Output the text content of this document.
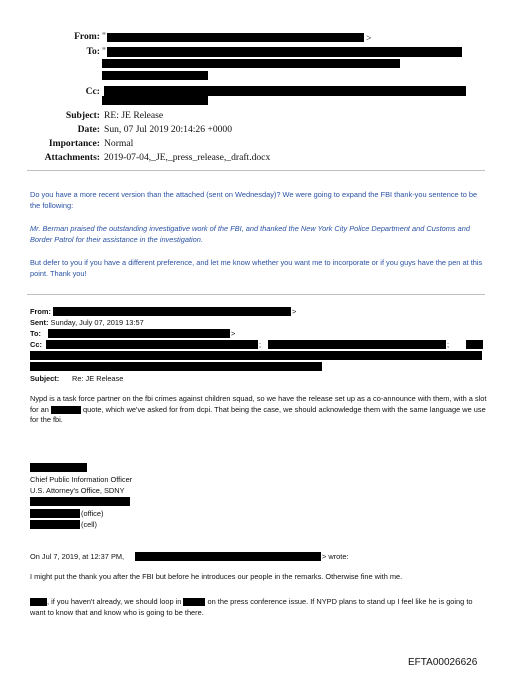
From: "	>
To: "
Cc:
Subject: RE: JE Release
Date: Sun, 07 Jul 2019 20:14:26 +0000
Importance: Normal
Attachments: 2019-07-04,_JE,_press_release,_draft.docx
Do you have a more recent version than the attached (sent on Wednesday)? We were going to expand the FBI thank-you sentence to be the following:
Mr. Berman praised the outstanding investigative work of the FBI, and thanked the New York City Police Department and Customs and Border Patrol for their assistance in the investigation.
But defer to you if you have a different preference, and let me know whether you want me to incorporate or if you guys have the pen at this point. Thank you!
From:	>
Sent: Sunday, July 07, 2019 13:57
To:	>
Cc:	;	;
Subject: Re: JE Release
Nypd is a task force partner on the fbi crimes against children squad, so we have the release set up as a co-announce with them, with a slot for an	quote, which we've asked for from dcpi. That being the case, we should acknowledge them with the same language we use for the fbi.
Chief Public Information Officer
U.S. Attorney's Office, SDNY
(office)
(cell)
On Jul 7, 2019, at 12:37 PM,	> wrote:
I might put the thank you after the FBI but before he introduces our people in the remarks. Otherwise fine with me.
, if you haven't already, we should loop in	on the press conference issue. If NYPD plans to stand up I feel like he is going to want to know that and know who is going to be there.
EFTA00026626
